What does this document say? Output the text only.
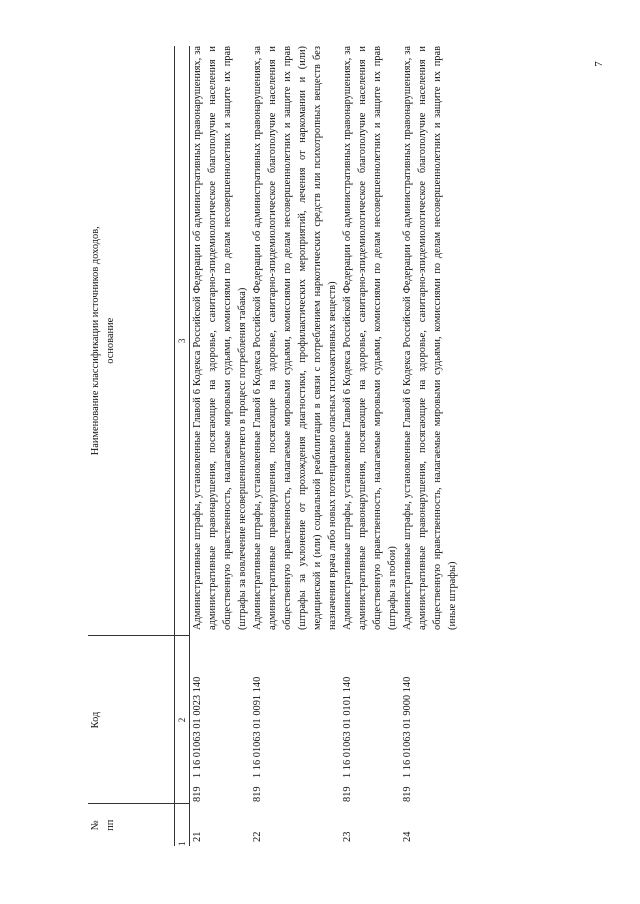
7
№
пп	Код	Наименование классификации источников доходов,
основание
1	2	3
21	8191 16 01063 01 0023 140	Административные штрафы, установленные Главой 6 Кодекса Российской Федерации об административных правонарушениях, за административные правонарушения, посягающие на здоровье, санитарно-эпидемиологическое благополучие населения и общественную нравственность, налагаемые мировыми судьями, комиссиями по делам несовершеннолетних и защите их прав (штрафы за вовлечение несовершеннолетнего в процесс потребления табака)
22	8191 16 01063 01 0091 140	Административные штрафы, установленные Главой 6 Кодекса Российской Федерации об административных правонарушениях, за административные правонарушения, посягающие на здоровье, санитарно-эпидемиологическое благополучие населения и общественную нравственность, налагаемые мировыми судьями, комиссиями по делам несовершеннолетних и защите их прав (штрафы за уклонение от прохождения диагностики, профилактических мероприятий, лечения от наркомании и (или) медицинской и (или) социальной реабилитации в связи с потреблением наркотических средств или психотропных веществ без назначения врача либо новых потенциально опасных психоактивных веществ)
23	8191 16 01063 01 0101 140	Административные штрафы, установленные Главой 6 Кодекса Российской Федерации об административных правонарушениях, за административные правонарушения, посягающие на здоровье, санитарно-эпидемиологическое благополучие населения и общественную нравственность, налагаемые мировыми судьями, комиссиями по делам несовершеннолетних и защите их прав (штрафы за побои)
24	8191 16 01063 01 9000 140	Административные штрафы, установленные Главой 6 Кодекса Российской Федерации об административных правонарушениях, за административные правонарушения, посягающие на здоровье, санитарно-эпидемиологическое благополучие населения и общественную нравственность, налагаемые мировыми судьями, комиссиями по делам несовершеннолетних и защите их прав (иные штрафы)
